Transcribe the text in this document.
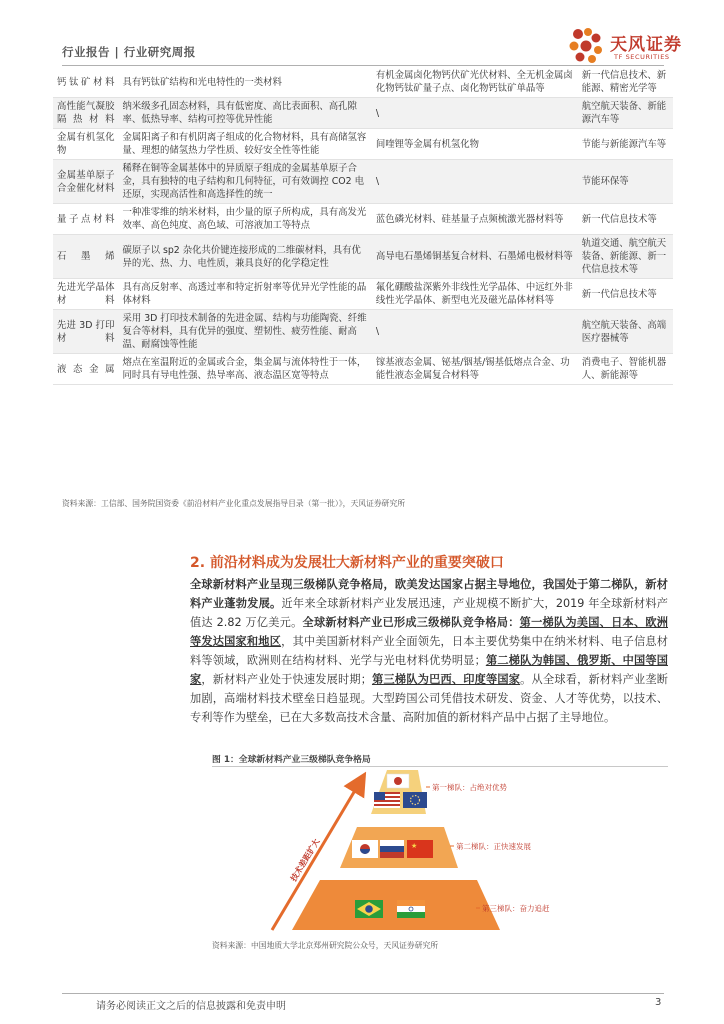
行业报告 | 行业研究周报	天风证券
TF SECURITIES
钙钛矿材料	具有钙钛矿结构和光电特性的一类材料	有机金属卤化物钙伏矿光伏材料、全无机金属卤化物钙钛矿量子点、卤化物钙钛矿单晶等	新一代信息技术、新能源、精密光学等
高性能气凝胶隔热材料	纳米级多孔固态材料，具有低密度、高比表面积、高孔隙率、低热导率、结构可控等优异性能	\	航空航天装备、新能源汽车等
金属有机氢化物	金属阳离子和有机阴离子组成的化合物材料，具有高储氢容量、理想的储氢热力学性质、较好安全性等性能	间喹锂等金属有机氢化物	节能与新能源汽车等
金属基单原子合金催化材料	稀释在铜等金属基体中的异质原子组成的金属基单原子合金，具有独特的电子结构和几何特征，可有效调控 CO2 电还原，实现高活性和高选择性的统一	\	节能环保等
量子点材料	一种准零维的纳米材料，由少量的原子所构成，具有高发光效率、高色纯度、高色域、可溶液加工等特点	蓝色磷光材料、硅基量子点频梳激光器材料等	新一代信息技术等
石墨烯	碳原子以 sp2 杂化共价键连接形成的二维碳材料，具有优异的光、热、力、电性质，兼具良好的化学稳定性	高导电石墨烯铜基复合材料、石墨烯电极材料等	轨道交通、航空航天装备、新能源、新一代信息技术等
先进光学晶体材料	具有高反射率、高透过率和特定折射率等优异光学性能的晶体材料	氟化硼酸盐深紫外非线性光学晶体、中远红外非线性光学晶体、新型电光及磁光晶体材料等	新一代信息技术等
先进 3D 打印材料	采用 3D 打印技术制备的先进金属、结构与功能陶瓷、纤维复合等材料，具有优异的强度、塑韧性、疲劳性能、耐高温、耐腐蚀等性能	\	航空航天装备、高端医疗器械等
液态金属	熔点在室温附近的金属或合金，集金属与流体特性于一体，同时具有导电性强、热导率高、液态温区宽等特点	镓基液态金属、铋基/铟基/锡基低熔点合金、功能性液态金属复合材料等	消费电子、智能机器人、新能源等
资料来源：工信部、国务院国资委《前沿材料产业化重点发展指导目录（第一批）》，天风证券研究所
2. 前沿材料成为发展壮大新材料产业的重要突破口
全球新材料产业呈现三级梯队竞争格局，欧美发达国家占据主导地位，我国处于第二梯队，新材料产业蓬勃发展。近年来全球新材料产业发展迅速，产业规模不断扩大，2019 年全球新材料产值达 2.82 万亿美元。全球新材料产业已形成三级梯队竞争格局：第一梯队为美国、日本、欧洲等发达国家和地区，其中美国新材料产业全面领先，日本主要优势集中在纳米材料、电子信息材料等领域，欧洲则在结构材料、光学与光电材料优势明显；第二梯队为韩国、俄罗斯、中国等国家，新材料产业处于快速发展时期；第三梯队为巴西、印度等国家。从全球看，新材料产业垄断加剧，高端材料技术壁垒日趋显现。大型跨国公司凭借技术研发、资金、人才等优势，以技术、专利等作为壁垒，已在大多数高技术含量、高附加值的新材料产品中占据了主导地位。
图 1：全球新材料产业三级梯队竞争格局
技术差距扩大	★
第一梯队：占绝对优势
第二梯队：正快速发展
第三梯队：奋力追赶
资料来源：中国地质大学北京郑州研究院公众号，天风证券研究所
请务必阅读正文之后的信息披露和免责申明	3
